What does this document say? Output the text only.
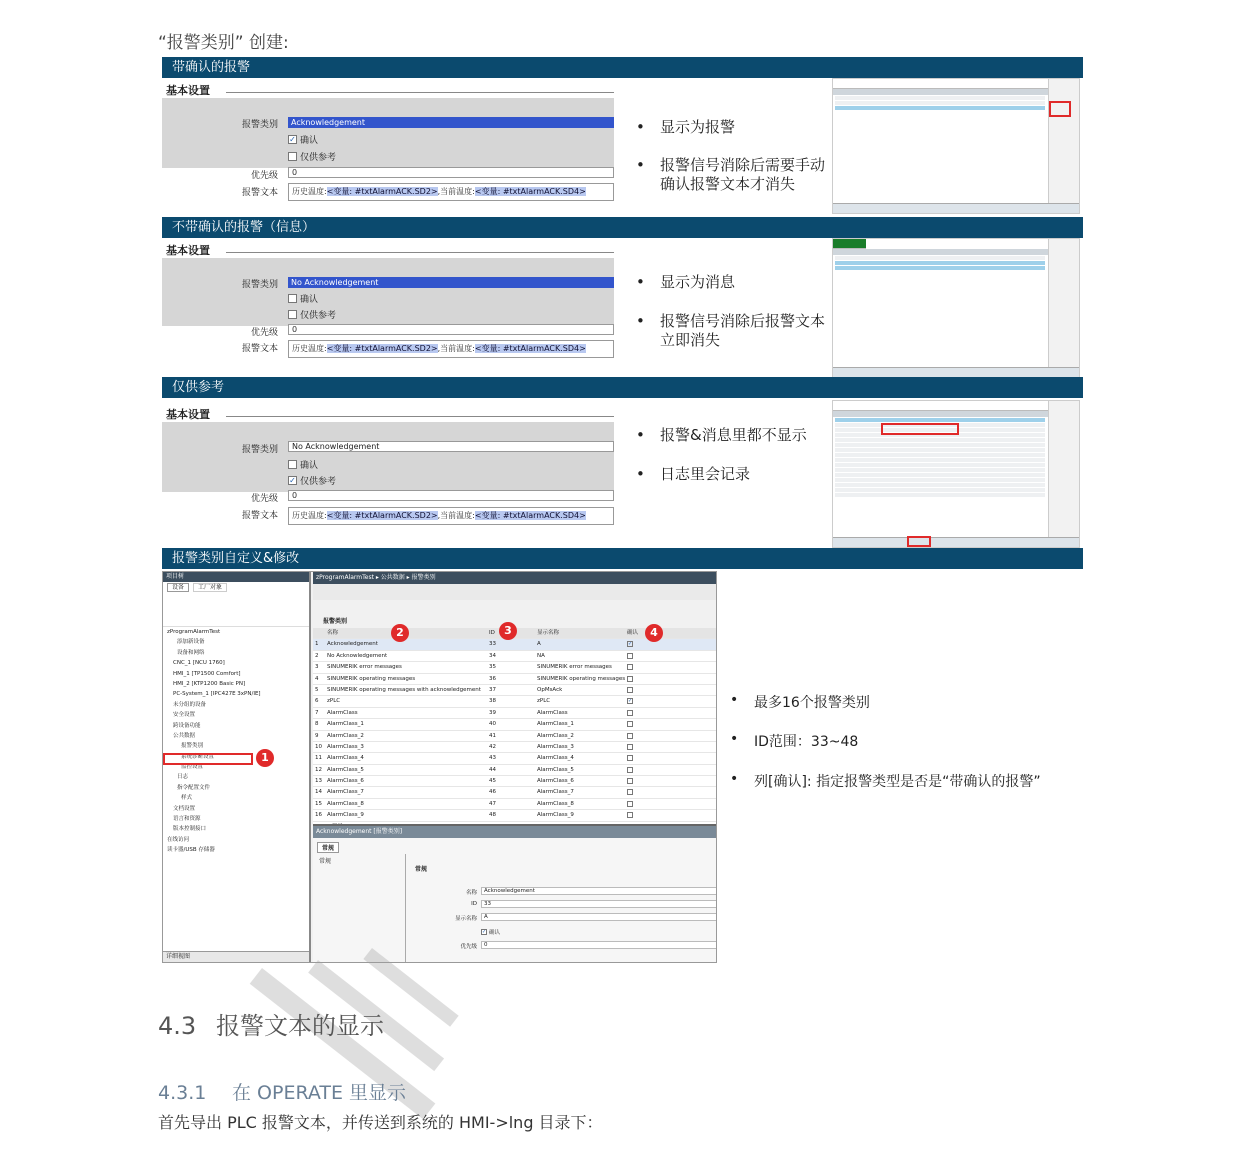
“报警类别” 创建:
带确认的报警
基本设置
报警类别	Acknowledgement
✓ 确认
仅供参考
优先级	0
报警文本	历史温度:<变量: #txtAlarmACK.SD2>,当前温度:<变量: #txtAlarmACK.SD4>
• 显示为报警
• 报警信号消除后需要手动确认报警文本才消失
不带确认的报警（信息）
基本设置
报警类别	No Acknowledgement
确认
仅供参考
优先级	0
报警文本	历史温度:<变量: #txtAlarmACK.SD2>,当前温度:<变量: #txtAlarmACK.SD4>
• 显示为消息
• 报警信号消除后报警文本立即消失
仅供参考
基本设置
报警类别	No Acknowledgement
确认
✓ 仅供参考
优先级	0
报警文本	历史温度:<变量: #txtAlarmACK.SD2>,当前温度:<变量: #txtAlarmACK.SD4>
• 报警&消息里都不显示
• 日志里会记录
报警类别自定义&修改
项目树
设备 工厂对象
zProgramAlarmTest
添加新设备
设备和网络
CNC_1 [NCU 1760]
HMI_1 [TP1500 Comfort]
HMI_2 [KTP1200 Basic PN]
PC-System_1 [IPC427E 3xPN/IE]
未分组的设备
安全设置
跨设备功能
公共数据
报警类别
系统诊断设置
监控设置
日志
指令配置文件
样式
文档设置
语言和资源
版本控制接口
在线访问
读卡器/USB 存储器
详细视图
zProgramAlarmTest ▸ 公共数据 ▸ 报警类别
报警类别
名称	ID	显示名称	确认
1 Acknowledgement	33	A	✓
2 No Acknowledgement	34	NA
3 SINUMERIK error messages	35	SINUMERIK error messages
4 SINUMERIK operating messages	36	SINUMERIK operating messages
5 SINUMERIK operating messages with acknowledgement 37	OpMsAck
6 zPLC	38	zPLC	✓
7 AlarmClass	39	AlarmClass
8 AlarmClass_1	40	AlarmClass_1
9 AlarmClass_2	41	AlarmClass_2
10 AlarmClass_3	42	AlarmClass_3
11 AlarmClass_4	43	AlarmClass_4
12 AlarmClass_5	44	AlarmClass_5
13 AlarmClass_6	45	AlarmClass_6
14 AlarmClass_7	46	AlarmClass_7
15 AlarmClass_8	47	AlarmClass_8
16 AlarmClass_9	48	AlarmClass_9
Acknowledgement [报警类别]
常规
常规
常规
名称	Acknowledgement
ID	33
显示名称	A
✓ 确认
优先级	0
1
2	3	4
• 最多16个报警类别
• ID范围：33~48
• 列[确认]: 指定报警类型是否是“带确认的报警”
4.3 报警文本的显示
4.3.1 在 OPERATE 里显示
首先导出 PLC 报警文本，并传送到系统的 HMI->lng 目录下：
